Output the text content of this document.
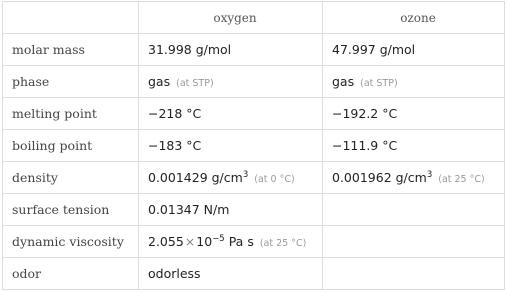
	oxygen	ozone
molar mass	31.998 g/mol	47.997 g/mol
phase	gas (at STP)	gas (at STP)
melting point	−218 °C	−192.2 °C
boiling point	−183 °C	−111.9 °C
density	0.001429 $g/cm^3$ (at 0 °C)	0.001962 $g/cm^3$ (at 25 °C)
surface tension	0.01347 N/m	
dynamic viscosity	$2.055\times 10^{-5}$ Pa s (at 25 °C)	
odor	odorless	
